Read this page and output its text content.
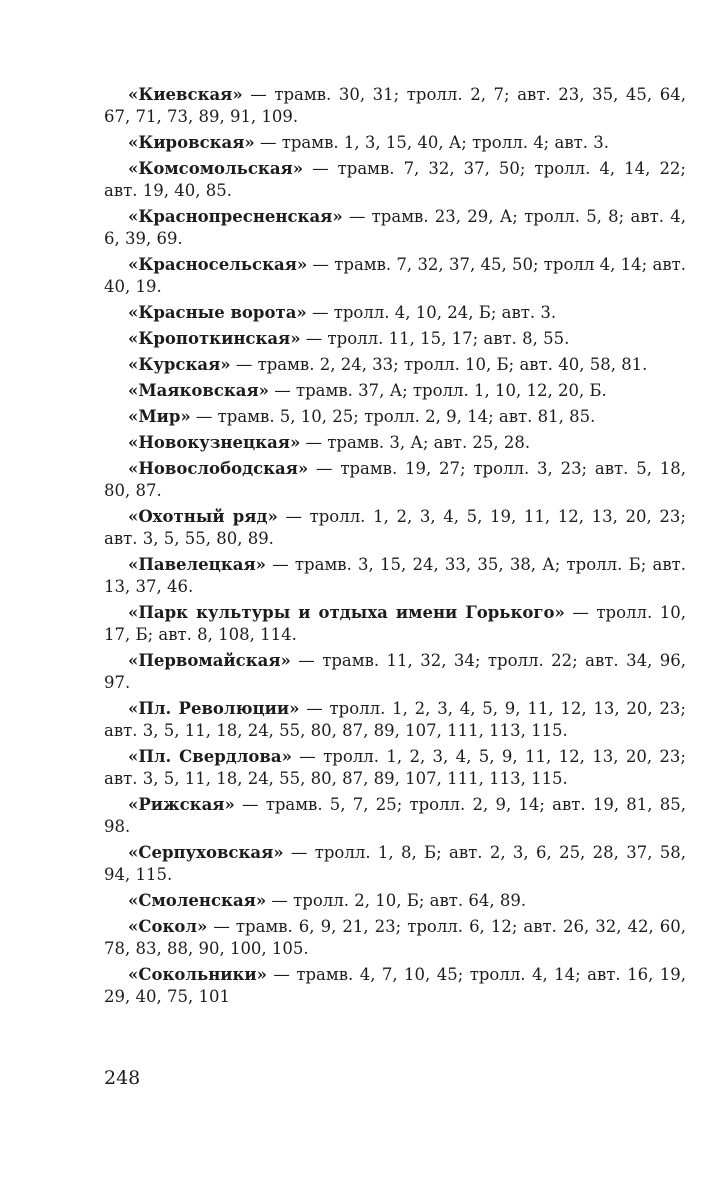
«Киевская» — трамв. 30, 31; тролл. 2, 7; авт. 23, 35, 45, 64, 67, 71, 73, 89, 91, 109.

«Кировская» — трамв. 1, 3, 15, 40, А; тролл. 4; авт. 3.

«Комсомольская» — трамв. 7, 32, 37, 50; тролл. 4, 14, 22; авт. 19, 40, 85.

«Краснопресненская» — трамв. 23, 29, А; тролл. 5, 8; авт. 4, 6, 39, 69.

«Красносельская» — трамв. 7, 32, 37, 45, 50; тролл 4, 14; авт. 40, 19.

«Красные ворота» — тролл. 4, 10, 24, Б; авт. 3.

«Кропоткинская» — тролл. 11, 15, 17; авт. 8, 55.

«Курская» — трамв. 2, 24, 33; тролл. 10, Б; авт. 40, 58, 81.

«Маяковская» — трамв. 37, А; тролл. 1, 10, 12, 20, Б.

«Мир» — трамв. 5, 10, 25; тролл. 2, 9, 14; авт. 81, 85.

«Новокузнецкая» — трамв. 3, А; авт. 25, 28.

«Новослободская» — трамв. 19, 27; тролл. 3, 23; авт. 5, 18, 80, 87.

«Охотный ряд» — тролл. 1, 2, 3, 4, 5, 19, 11, 12, 13, 20, 23; авт. 3, 5, 55, 80, 89.

«Павелецкая» — трамв. 3, 15, 24, 33, 35, 38, А; тролл. Б; авт. 13, 37, 46.

«Парк культуры и отдыха имени Горького» — тролл. 10, 17, Б; авт. 8, 108, 114.

«Первомайская» — трамв. 11, 32, 34; тролл. 22; авт. 34, 96, 97.

«Пл. Революции» — тролл. 1, 2, 3, 4, 5, 9, 11, 12, 13, 20, 23; авт. 3, 5, 11, 18, 24, 55, 80, 87, 89, 107, 111, 113, 115.

«Пл. Свердлова» — тролл. 1, 2, 3, 4, 5, 9, 11, 12, 13, 20, 23; авт. 3, 5, 11, 18, 24, 55, 80, 87, 89, 107, 111, 113, 115.

«Рижская» — трамв. 5, 7, 25; тролл. 2, 9, 14; авт. 19, 81, 85, 98.

«Серпуховская» — тролл. 1, 8, Б; авт. 2, 3, 6, 25, 28, 37, 58, 94, 115.

«Смоленская» — тролл. 2, 10, Б; авт. 64, 89.

«Сокол» — трамв. 6, 9, 21, 23; тролл. 6, 12; авт. 26, 32, 42, 60, 78, 83, 88, 90, 100, 105.

«Сокольники» — трамв. 4, 7, 10, 45; тролл. 4, 14; авт. 16, 19, 29, 40, 75, 101

248
